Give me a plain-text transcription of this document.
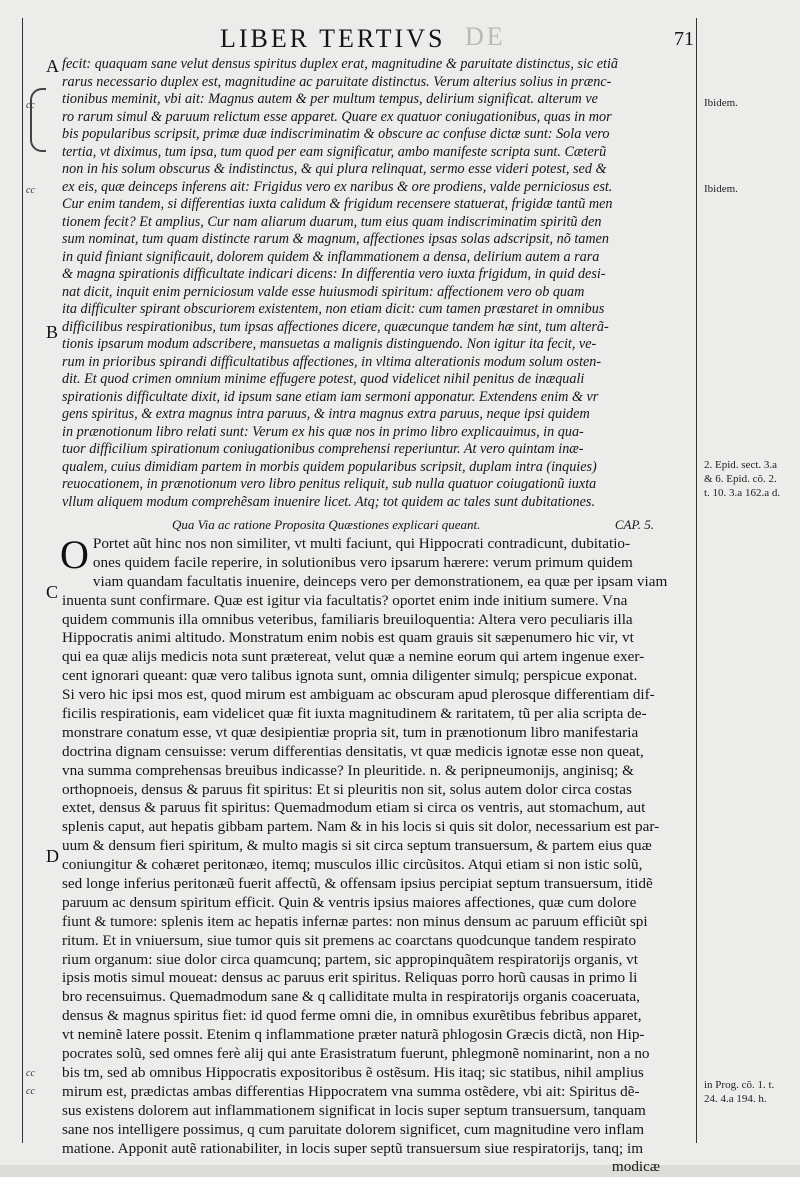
LIBER TERTIVS DE	71
A
B
C
D
cc
cc
cc
cc
Ibidem.
Ibidem.
2. Epid. sect. 3.a
& 6. Epid. cõ. 2.
t. 10. 3.a 162.a d.
in Prog. cõ. 1. t.
24. 4.a 194. h.
fecit: quaquam sane velut densus spiritus duplex erat, magnitudine & paruitate distinctus, sic etiã
rarus necessario duplex est, magnitudine ac paruitate distinctus. Verum alterius solius in prænc-
tionibus meminit, vbi ait: Magnus autem & per multum tempus, delirium significat. alterum ve
ro rarum simul & paruum relictum esse apparet. Quare ex quatuor coniugationibus, quas in mor
bis popularibus scripsit, primæ duæ indiscriminatim & obscure ac confuse dictæ sunt: Sola vero
tertia, vt diximus, tum ipsa, tum quod per eam significatur, ambo manifeste scripta sunt. Cæterũ
non in his solum obscurus & indistinctus, & qui plura relinquat, sermo esse videri potest, sed &
ex eis, quæ deinceps inferens ait: Frigidus vero ex naribus & ore prodiens, valde perniciosus est.
Cur enim tandem, si differentias iuxta calidum & frigidum recensere statuerat, frigidæ tantũ men
tionem fecit? Et amplius, Cur nam aliarum duarum, tum eius quam indiscriminatim spiritũ den
sum nominat, tum quam distincte rarum & magnum, affectiones ipsas solas adscripsit, nõ tamen
in quid finiant significauit, dolorem quidem & inflammationem a densa, delirium autem a rara
& magna spirationis difficultate indicari dicens: In differentia vero iuxta frigidum, in quid desi-
nat dicit, inquit enim perniciosum valde esse huiusmodi spiritum: affectionem vero ob quam
ita difficulter spirant obscuriorem existentem, non etiam dicit: cum tamen præstaret in omnibus
difficilibus respirationibus, tum ipsas affectiones dicere, quæcunque tandem hæ sint, tum alterã-
tionis ipsarum modum adscribere, mansuetas a malignis distinguendo. Non igitur ita fecit, ve-
rum in prioribus spirandi difficultatibus affectiones, in vltima alterationis modum solum osten-
dit. Et quod crimen omnium minime effugere potest, quod videlicet nihil penitus de inæquali
spirationis difficultate dixit, id ipsum sane etiam iam sermoni apponatur. Extendens enim & vr
gens spiritus, & extra magnus intra paruus, & intra magnus extra paruus, neque ipsi quidem
in prænotionum libro relati sunt: Verum ex his quæ nos in primo libro explicauimus, in qua-
tuor difficilium spirationum coniugationibus comprehensi reperiuntur. At vero quintam inæ-
qualem, cuius dimidiam partem in morbis quidem popularibus scripsit, duplam intra (inquies)
reuocationem, in prænotionum vero libro penitus reliquit, sub nulla quatuor coiugationũ iuxta
vllum aliquem modum comprehẽsam inuenire licet. Atq; tot quidem ac tales sunt dubitationes.
Qua Via ac ratione Proposita Quæstiones explicari queant.	CAP. 5.
O Portet aũt hinc nos non similiter, vt multi faciunt, qui Hippocrati contradicunt, dubitatio-
ones quidem facile reperire, in solutionibus vero ipsarum hærere: verum primum quidem
viam quandam facultatis inuenire, deinceps vero per demonstrationem, ea quæ per ipsam viam
inuenta sunt confirmare. Quæ est igitur via facultatis? oportet enim inde initium sumere. Vna
quidem communis illa omnibus veteribus, familiaris breuiloquentia: Altera vero peculiaris illa
Hippocratis animi altitudo. Monstratum enim nobis est quam grauis sit sæpenumero hic vir, vt
qui ea quæ alijs medicis nota sunt prætereat, velut quæ a nemine eorum qui artem ingenue exer-
cent ignorari queant: quæ vero talibus ignota sunt, omnia diligenter simulq; perspicue exponat.
Si vero hic ipsi mos est, quod mirum est ambiguam ac obscuram apud plerosque differentiam dif-
ficilis respirationis, eam videlicet quæ fit iuxta magnitudinem & raritatem, tũ per alia scripta de-
monstrare conatum esse, vt quæ desipientiæ propria sit, tum in prænotionum libro manifestaria
doctrina dignam censuisse: verum differentias densitatis, vt quæ medicis ignotæ esse non queat,
vna summa comprehensas breuibus indicasse? In pleuritide. n. & peripneumonijs, anginisq; &
orthopnoeis, densus & paruus fit spiritus: Et si pleuritis non sit, solus autem dolor circa costas
extet, densus & paruus fit spiritus: Quemadmodum etiam si circa os ventris, aut stomachum, aut
splenis caput, aut hepatis gibbam partem. Nam & in his locis si quis sit dolor, necessarium est par-
uum & densum fieri spiritum, & multo magis si sit circa septum transuersum, & partem eius quæ
coniungitur & cohæret peritonæo, itemq; musculos illic circũsitos. Atqui etiam si non istic solũ,
sed longe inferius peritonæũ fuerit affectũ, & offensam ipsius percipiat septum transuersum, itidẽ
paruum ac densum spiritum efficit. Quin & ventris ipsius maiores affectiones, quæ cum dolore
fiunt & tumore: splenis item ac hepatis infernæ partes: non minus densum ac paruum efficiũt spi
ritum. Et in vniuersum, siue tumor quis sit premens ac coarctans quodcunque tandem respirato
rium organum: siue dolor circa quamcunq; partem, sic appropinquãtem respiratorijs organis, vt
ipsis motis simul moueat: densus ac paruus erit spiritus. Reliquas porro horũ causas in primo li
bro recensuimus. Quemadmodum sane & q calliditate multa in respiratorijs organis coaceruata,
densus & magnus spiritus fiet: id quod ferme omni die, in omnibus exurẽtibus febribus apparet,
vt neminẽ latere possit. Etenim q inflammatione præter naturã phlogosin Græcis dictã, non Hip-
pocrates solũ, sed omnes ferè alij qui ante Erasistratum fuerunt, phlegmonẽ nominarint, non a no
bis tm, sed ab omnibus Hippocratis expositoribus ẽ ostẽsum. His itaq; sic statibus, nihil amplius
mirum est, prædictas ambas differentias Hippocratem vna summa ostẽdere, vbi ait: Spiritus dẽ-
sus existens dolorem aut inflammationem significat in locis super septum transuersum, tanquam
sane nos intelligere possimus, q cum paruitate dolorem significet, cum magnitudine vero inflam
matione. Apponit autẽ rationabiliter, in locis super septũ transuersum siue respiratorijs, tanq; im
modicæ
